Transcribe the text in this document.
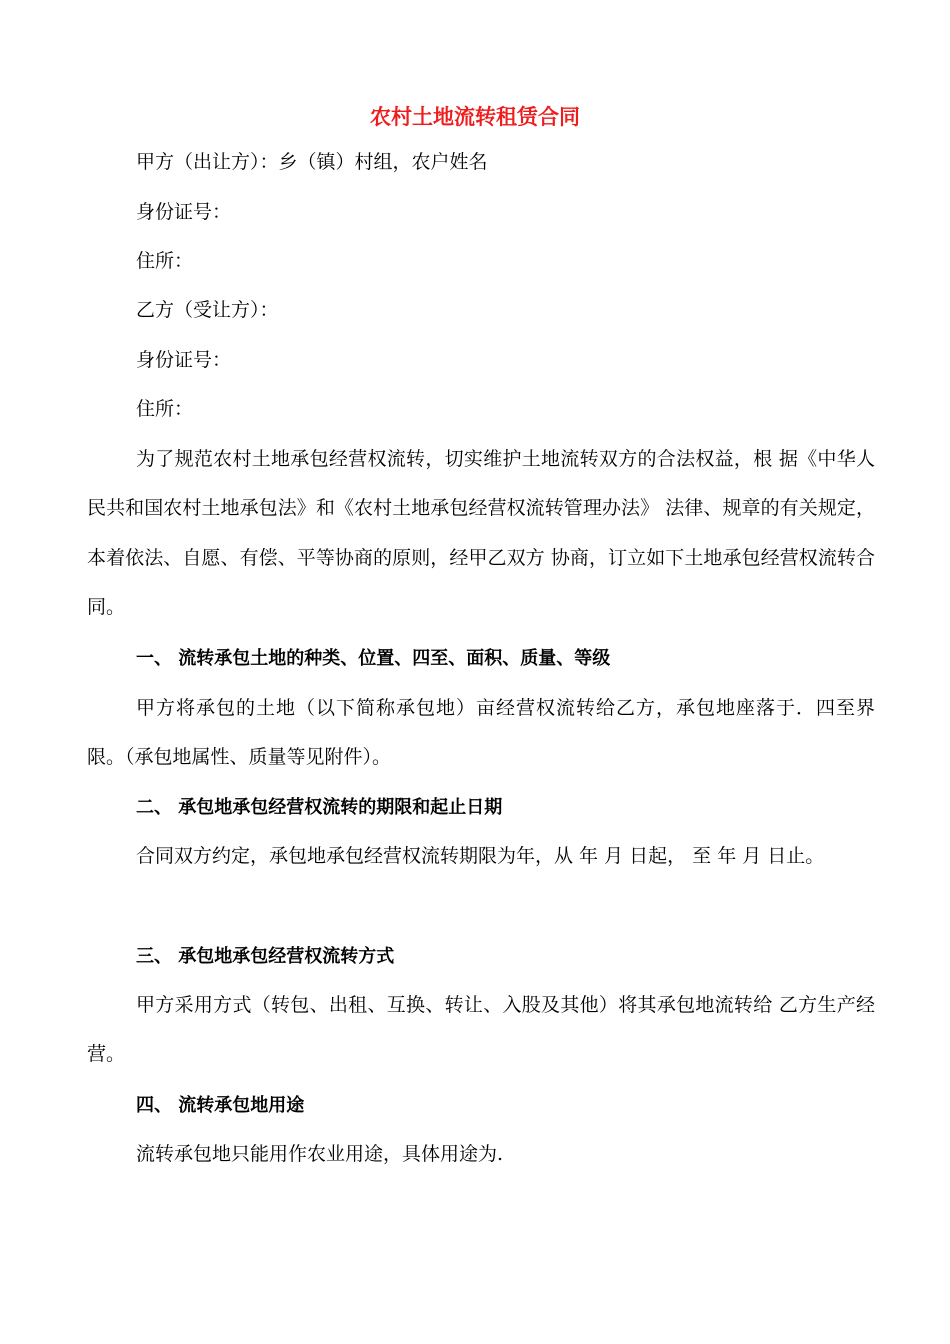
农村土地流转租赁合同

甲方（出让方）：乡（镇）村组，农户姓名

身份证号：

住所：

乙方（受让方）：

身份证号：

住所：

为了规范农村土地承包经营权流转，切实维护土地流转双方的合法权益，根 据《中华人民共和国农村土地承包法》和《农村土地承包经营权流转管理办法》 法律、规章的有关规定，本着依法、自愿、有偿、平等协商的原则，经甲乙双方 协商，订立如下土地承包经营权流转合同。

一、 流转承包土地的种类、位置、四至、面积、质量、等级

甲方将承包的土地（以下简称承包地）亩经营权流转给乙方，承包地座落于．四至界限。（承包地属性、质量等见附件）。

二、 承包地承包经营权流转的期限和起止日期

合同双方约定，承包地承包经营权流转期限为年，从 年 月 日起， 至 年 月 日止。

三、 承包地承包经营权流转方式

甲方采用方式（转包、出租、互换、转让、入股及其他）将其承包地流转给 乙方生产经营。

四、 流转承包地用途

流转承包地只能用作农业用途，具体用途为.
